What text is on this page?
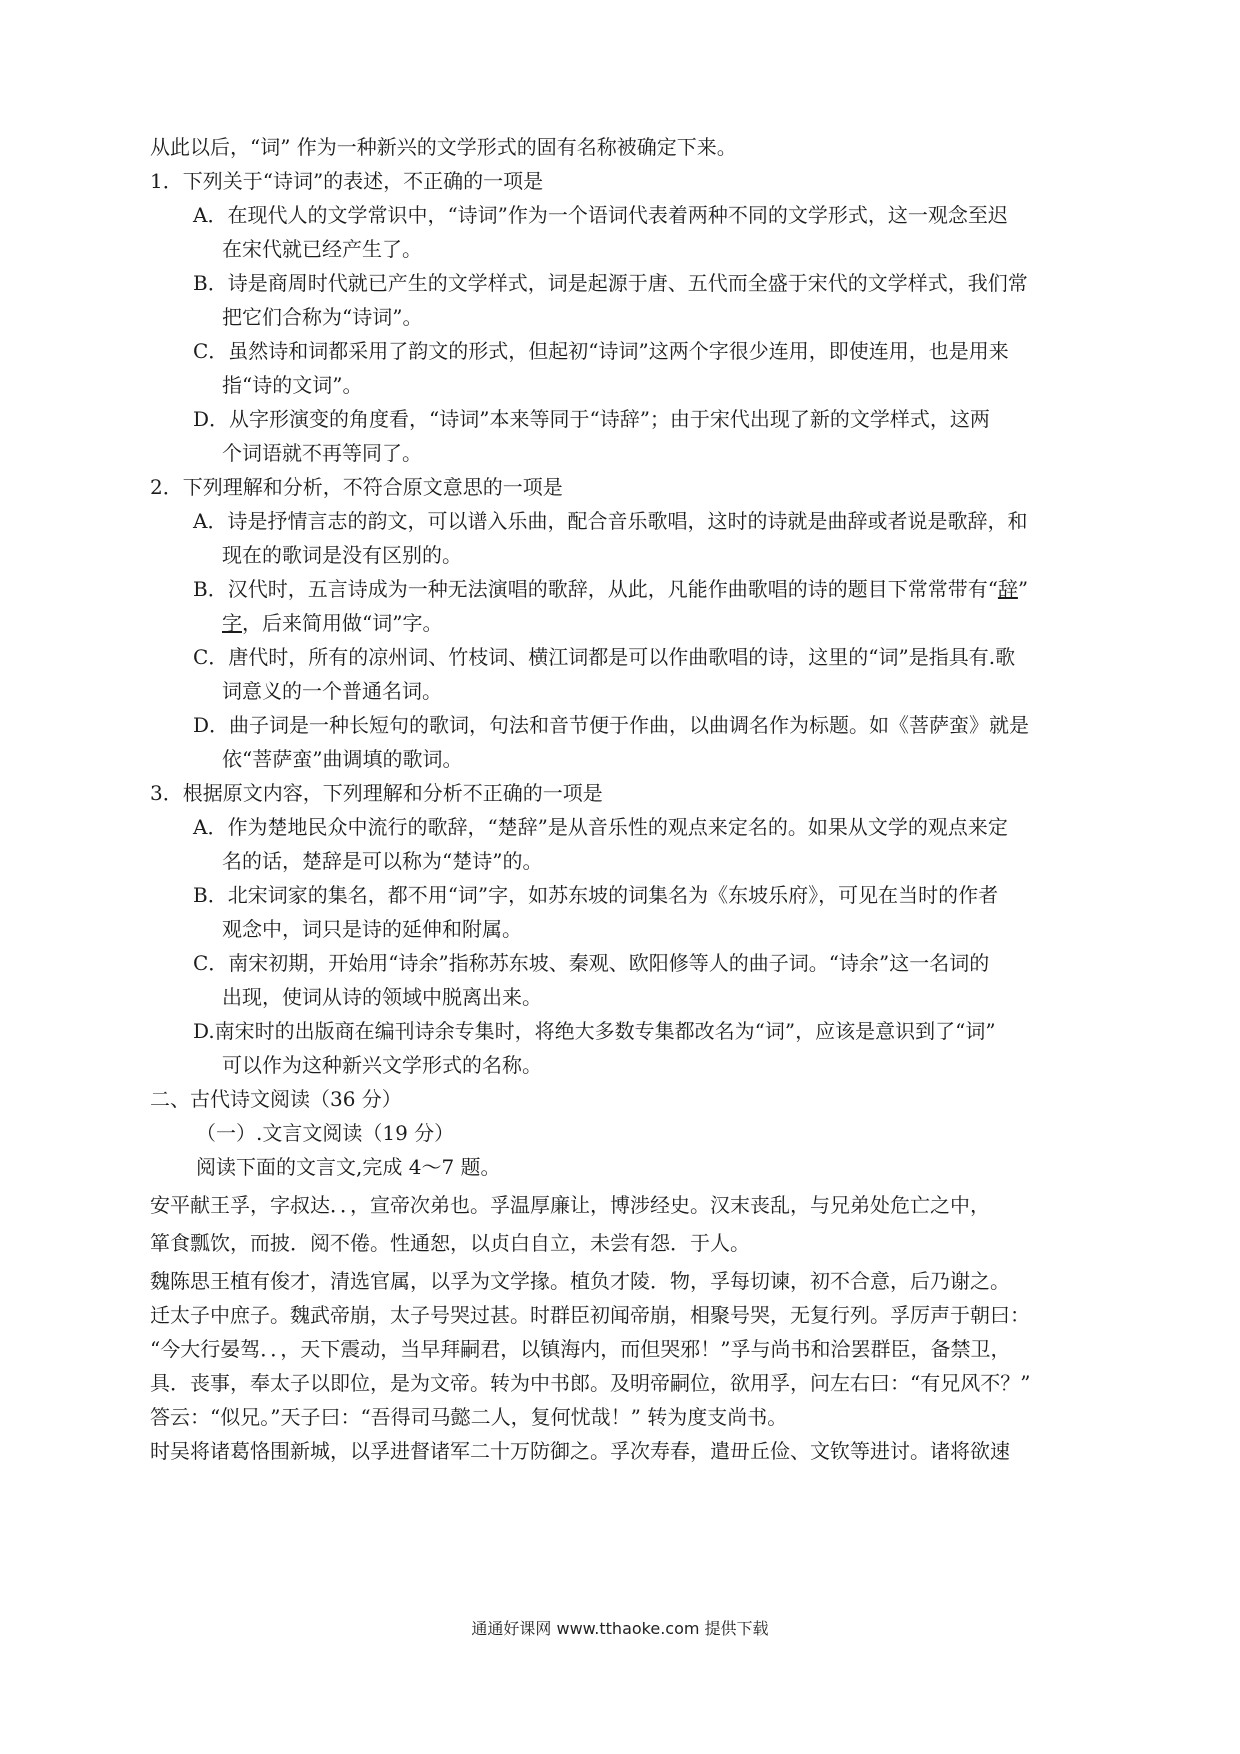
从此以后，“词” 作为一种新兴的文学形式的固有名称被确定下来。
1．下列关于“诗词”的表述，不正确的一项是
A．在现代人的文学常识中，“诗词”作为一个语词代表着两种不同的文学形式，这一观念至迟
在宋代就已经产生了。
B．诗是商周时代就已产生的文学样式，词是起源于唐、五代而全盛于宋代的文学样式，我们常
把它们合称为“诗词”。
C．虽然诗和词都采用了韵文的形式，但起初“诗词”这两个字很少连用，即使连用，也是用来
指“诗的文词”。
D．从字形演变的角度看，“诗词”本来等同于“诗辞”；由于宋代出现了新的文学样式，这两
个词语就不再等同了。
2．下列理解和分析，不符合原文意思的一项是
A．诗是抒情言志的韵文，可以谱入乐曲，配合音乐歌唱，这时的诗就是曲辞或者说是歌辞，和
现在的歌词是没有区别的。
B．汉代时，五言诗成为一种无法演唱的歌辞，从此，凡能作曲歌唱的诗的题目下常常带有“辞”
字，后来简用做“词”字。
C．唐代时，所有的凉州词、竹枝词、横江词都是可以作曲歌唱的诗，这里的“词”是指具有.歌
词意义的一个普通名词。
D．曲子词是一种长短句的歌词，句法和音节便于作曲，以曲调名作为标题。如《菩萨蛮》就是
依“菩萨蛮”曲调填的歌词。
3．根据原文内容，下列理解和分析不正确的一项是
A．作为楚地民众中流行的歌辞，“楚辞”是从音乐性的观点来定名的。如果从文学的观点来定
名的话，楚辞是可以称为“楚诗”的。
B．北宋词家的集名，都不用“词”字，如苏东坡的词集名为《东坡乐府》，可见在当时的作者
观念中，词只是诗的延伸和附属。
C．南宋初期，开始用“诗余”指称苏东坡、秦观、欧阳修等人的曲子词。“诗余”这一名词的
出现，使词从诗的领域中脱离出来。
D.南宋时的出版商在编刊诗余专集时，将绝大多数专集都改名为“词”，应该是意识到了“词”
可以作为这种新兴文学形式的名称。
二、古代诗文阅读（36 分）
（一）.文言文阅读（19 分）
阅读下面的文言文,完成 4～7 题。
安平献王孚，字叔达．．，宣帝次弟也。孚温厚廉让，博涉经史。汉末丧乱，与兄弟处危亡之中，
箪食瓢饮，而披．阅不倦。性通恕，以贞白自立，未尝有怨．于人。
魏陈思王植有俊才，清选官属，以孚为文学掾。植负才陵．物，孚每切谏，初不合意，后乃谢之。
迁太子中庶子。魏武帝崩，太子号哭过甚。时群臣初闻帝崩，相聚号哭，无复行列。孚厉声于朝曰：
“今大行晏驾．．，天下震动，当早拜嗣君，以镇海内，而但哭邪！”孚与尚书和洽罢群臣，备禁卫，
具．丧事，奉太子以即位，是为文帝。转为中书郎。及明帝嗣位，欲用孚，问左右曰：“有兄风不？”
答云：“似兄。”天子曰：“吾得司马懿二人，复何忧哉！” 转为度支尚书。
时吴将诸葛恪围新城，以孚进督诸军二十万防御之。孚次寿春，遣毌丘俭、文钦等进讨。诸将欲速
通通好课网 www.tthaoke.com 提供下载
